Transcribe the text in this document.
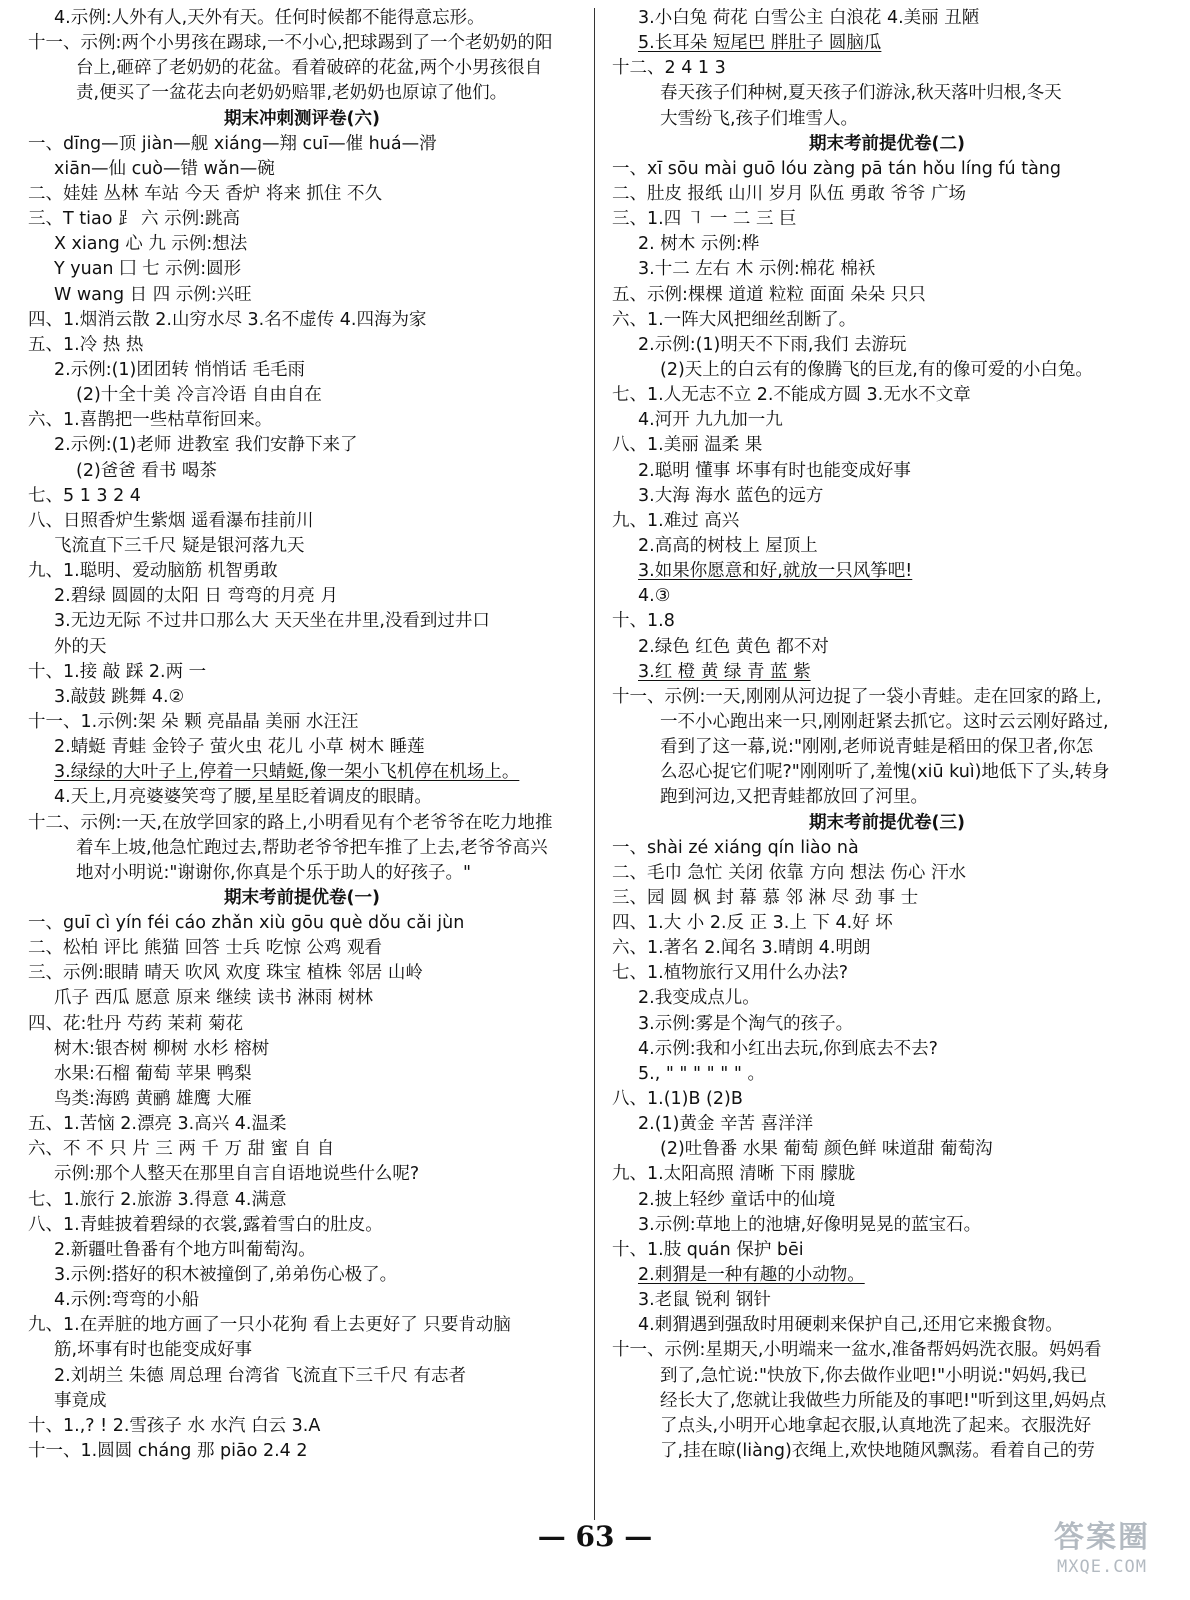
4.示例:人外有人,天外有天。任何时候都不能得意忘形。
十一、示例:两个小男孩在踢球,一不小心,把球踢到了一个老奶奶的阳
台上,砸碎了老奶奶的花盆。看着破碎的花盆,两个小男孩很自
责,便买了一盆花去向老奶奶赔罪,老奶奶也原谅了他们。
期末冲刺测评卷(六)
一、dīng—顶 jiàn—舰 xiáng—翔 cuī—催 huá—滑
xiān—仙 cuò—错 wǎn—碗
二、娃娃 丛林 车站 今天 香炉 将来 抓住 不久
三、T tiao ⻊ 六 示例:跳高
X xiang 心 九 示例:想法
Y yuan 囗 七 示例:圆形
W wang 日 四 示例:兴旺
四、1.烟消云散 2.山穷水尽 3.名不虚传 4.四海为家
五、1.冷 热 热
2.示例:(1)团团转 悄悄话 毛毛雨
(2)十全十美 冷言冷语 自由自在
六、1.喜鹊把一些枯草衔回来。
2.示例:(1)老师 进教室 我们安静下来了
(2)爸爸 看书 喝茶
七、5 1 3 2 4
八、日照香炉生紫烟 遥看瀑布挂前川
飞流直下三千尺 疑是银河落九天
九、1.聪明、爱动脑筋 机智勇敢
2.碧绿 圆圆的太阳 日 弯弯的月亮 月
3.无边无际 不过井口那么大 天天坐在井里,没看到过井口
外的天
十、1.接 敲 踩 2.两 一
3.敲鼓 跳舞 4.②
十一、1.示例:架 朵 颗 亮晶晶 美丽 水汪汪
2.蜻蜓 青蛙 金铃子 萤火虫 花儿 小草 树木 睡莲
3.绿绿的大叶子上,停着一只蜻蜓,像一架小飞机停在机场上。
4.天上,月亮婆婆笑弯了腰,星星眨着调皮的眼睛。
十二、示例:一天,在放学回家的路上,小明看见有个老爷爷在吃力地推
着车上坡,他急忙跑过去,帮助老爷爷把车推了上去,老爷爷高兴
地对小明说:"谢谢你,你真是个乐于助人的好孩子。"
期末考前提优卷(一)
一、guī cì yín féi cáo zhǎn xiù gōu què dǒu cǎi jùn
二、松柏 评比 熊猫 回答 士兵 吃惊 公鸡 观看
三、示例:眼睛 晴天 吹风 欢度 珠宝 植株 邻居 山岭
爪子 西瓜 愿意 原来 继续 读书 淋雨 树林
四、花:牡丹 芍药 茉莉 菊花
树木:银杏树 柳树 水杉 榕树
水果:石榴 葡萄 苹果 鸭梨
鸟类:海鸥 黄鹂 雄鹰 大雁
五、1.苦恼 2.漂亮 3.高兴 4.温柔
六、不 不 只 片 三 两 千 万 甜 蜜 自 自
示例:那个人整天在那里自言自语地说些什么呢?
七、1.旅行 2.旅游 3.得意 4.满意
八、1.青蛙披着碧绿的衣裳,露着雪白的肚皮。
2.新疆吐鲁番有个地方叫葡萄沟。
3.示例:搭好的积木被撞倒了,弟弟伤心极了。
4.示例:弯弯的小船
九、1.在弄脏的地方画了一只小花狗 看上去更好了 只要肯动脑
筋,坏事有时也能变成好事
2.刘胡兰 朱德 周总理 台湾省 飞流直下三千尺 有志者
事竟成
十、1.,? ! 2.雪孩子 水 水汽 白云 3.A
十一、1.圆圆 cháng 那 piāo 2.4 2
3.小白兔 荷花 白雪公主 白浪花 4.美丽 丑陋
5.长耳朵 短尾巴 胖肚子 圆脑瓜
十二、2 4 1 3
春天孩子们种树,夏天孩子们游泳,秋天落叶归根,冬天
大雪纷飞,孩子们堆雪人。
期末考前提优卷(二)
一、xī sōu mài guō lóu zàng pā tán hǒu líng fú tàng
二、肚皮 报纸 山川 岁月 队伍 勇敢 爷爷 广场
三、1.四 ㇕ 一 二 三 巨
2. 树木 示例:桦
3.十二 左右 木 示例:棉花 棉袄
五、示例:棵棵 道道 粒粒 面面 朵朵 只只
六、1.一阵大风把细丝刮断了。
2.示例:(1)明天不下雨,我们 去游玩
(2)天上的白云有的像腾飞的巨龙,有的像可爱的小白兔。
七、1.人无志不立 2.不能成方圆 3.无水不文章
4.河开 九九加一九
八、1.美丽 温柔 果
2.聪明 懂事 坏事有时也能变成好事
3.大海 海水 蓝色的远方
九、1.难过 高兴
2.高高的树枝上 屋顶上
3.如果你愿意和好,就放一只风筝吧!
4.③
十、1.8
2.绿色 红色 黄色 都不对
3.红 橙 黄 绿 青 蓝 紫
十一、示例:一天,刚刚从河边捉了一袋小青蛙。走在回家的路上,
一不小心跑出来一只,刚刚赶紧去抓它。这时云云刚好路过,
看到了这一幕,说:"刚刚,老师说青蛙是稻田的保卫者,你怎
么忍心捉它们呢?"刚刚听了,羞愧(xiū kuì)地低下了头,转身
跑到河边,又把青蛙都放回了河里。
期末考前提优卷(三)
一、shài zé xiáng qín liào nà
二、毛巾 急忙 关闭 依靠 方向 想法 伤心 汗水
三、园 圆 枫 封 幕 慕 邻 淋 尽 劲 事 士
四、1.大 小 2.反 正 3.上 下 4.好 坏
六、1.著名 2.闻名 3.晴朗 4.明朗
七、1.植物旅行又用什么办法?
2.我变成点儿。
3.示例:雾是个淘气的孩子。
4.示例:我和小红出去玩,你到底去不去?
5., " " " " " " 。
八、1.(1)B (2)B
2.(1)黄金 辛苦 喜洋洋
(2)吐鲁番 水果 葡萄 颜色鲜 味道甜 葡萄沟
九、1.太阳高照 清晰 下雨 朦胧
2.披上轻纱 童话中的仙境
3.示例:草地上的池塘,好像明晃晃的蓝宝石。
十、1.肢 quán 保护 bēi
2.刺猬是一种有趣的小动物。
3.老鼠 锐利 钢针
4.刺猬遇到强敌时用硬刺来保护自己,还用它来搬食物。
十一、示例:星期天,小明端来一盆水,准备帮妈妈洗衣服。妈妈看
到了,急忙说:"快放下,你去做作业吧!"小明说:"妈妈,我已
经长大了,您就让我做些力所能及的事吧!"听到这里,妈妈点
了点头,小明开心地拿起衣服,认真地洗了起来。衣服洗好
了,挂在晾(liàng)衣绳上,欢快地随风飘荡。看着自己的劳
— 63 —	答案圈
MXQE.COM
